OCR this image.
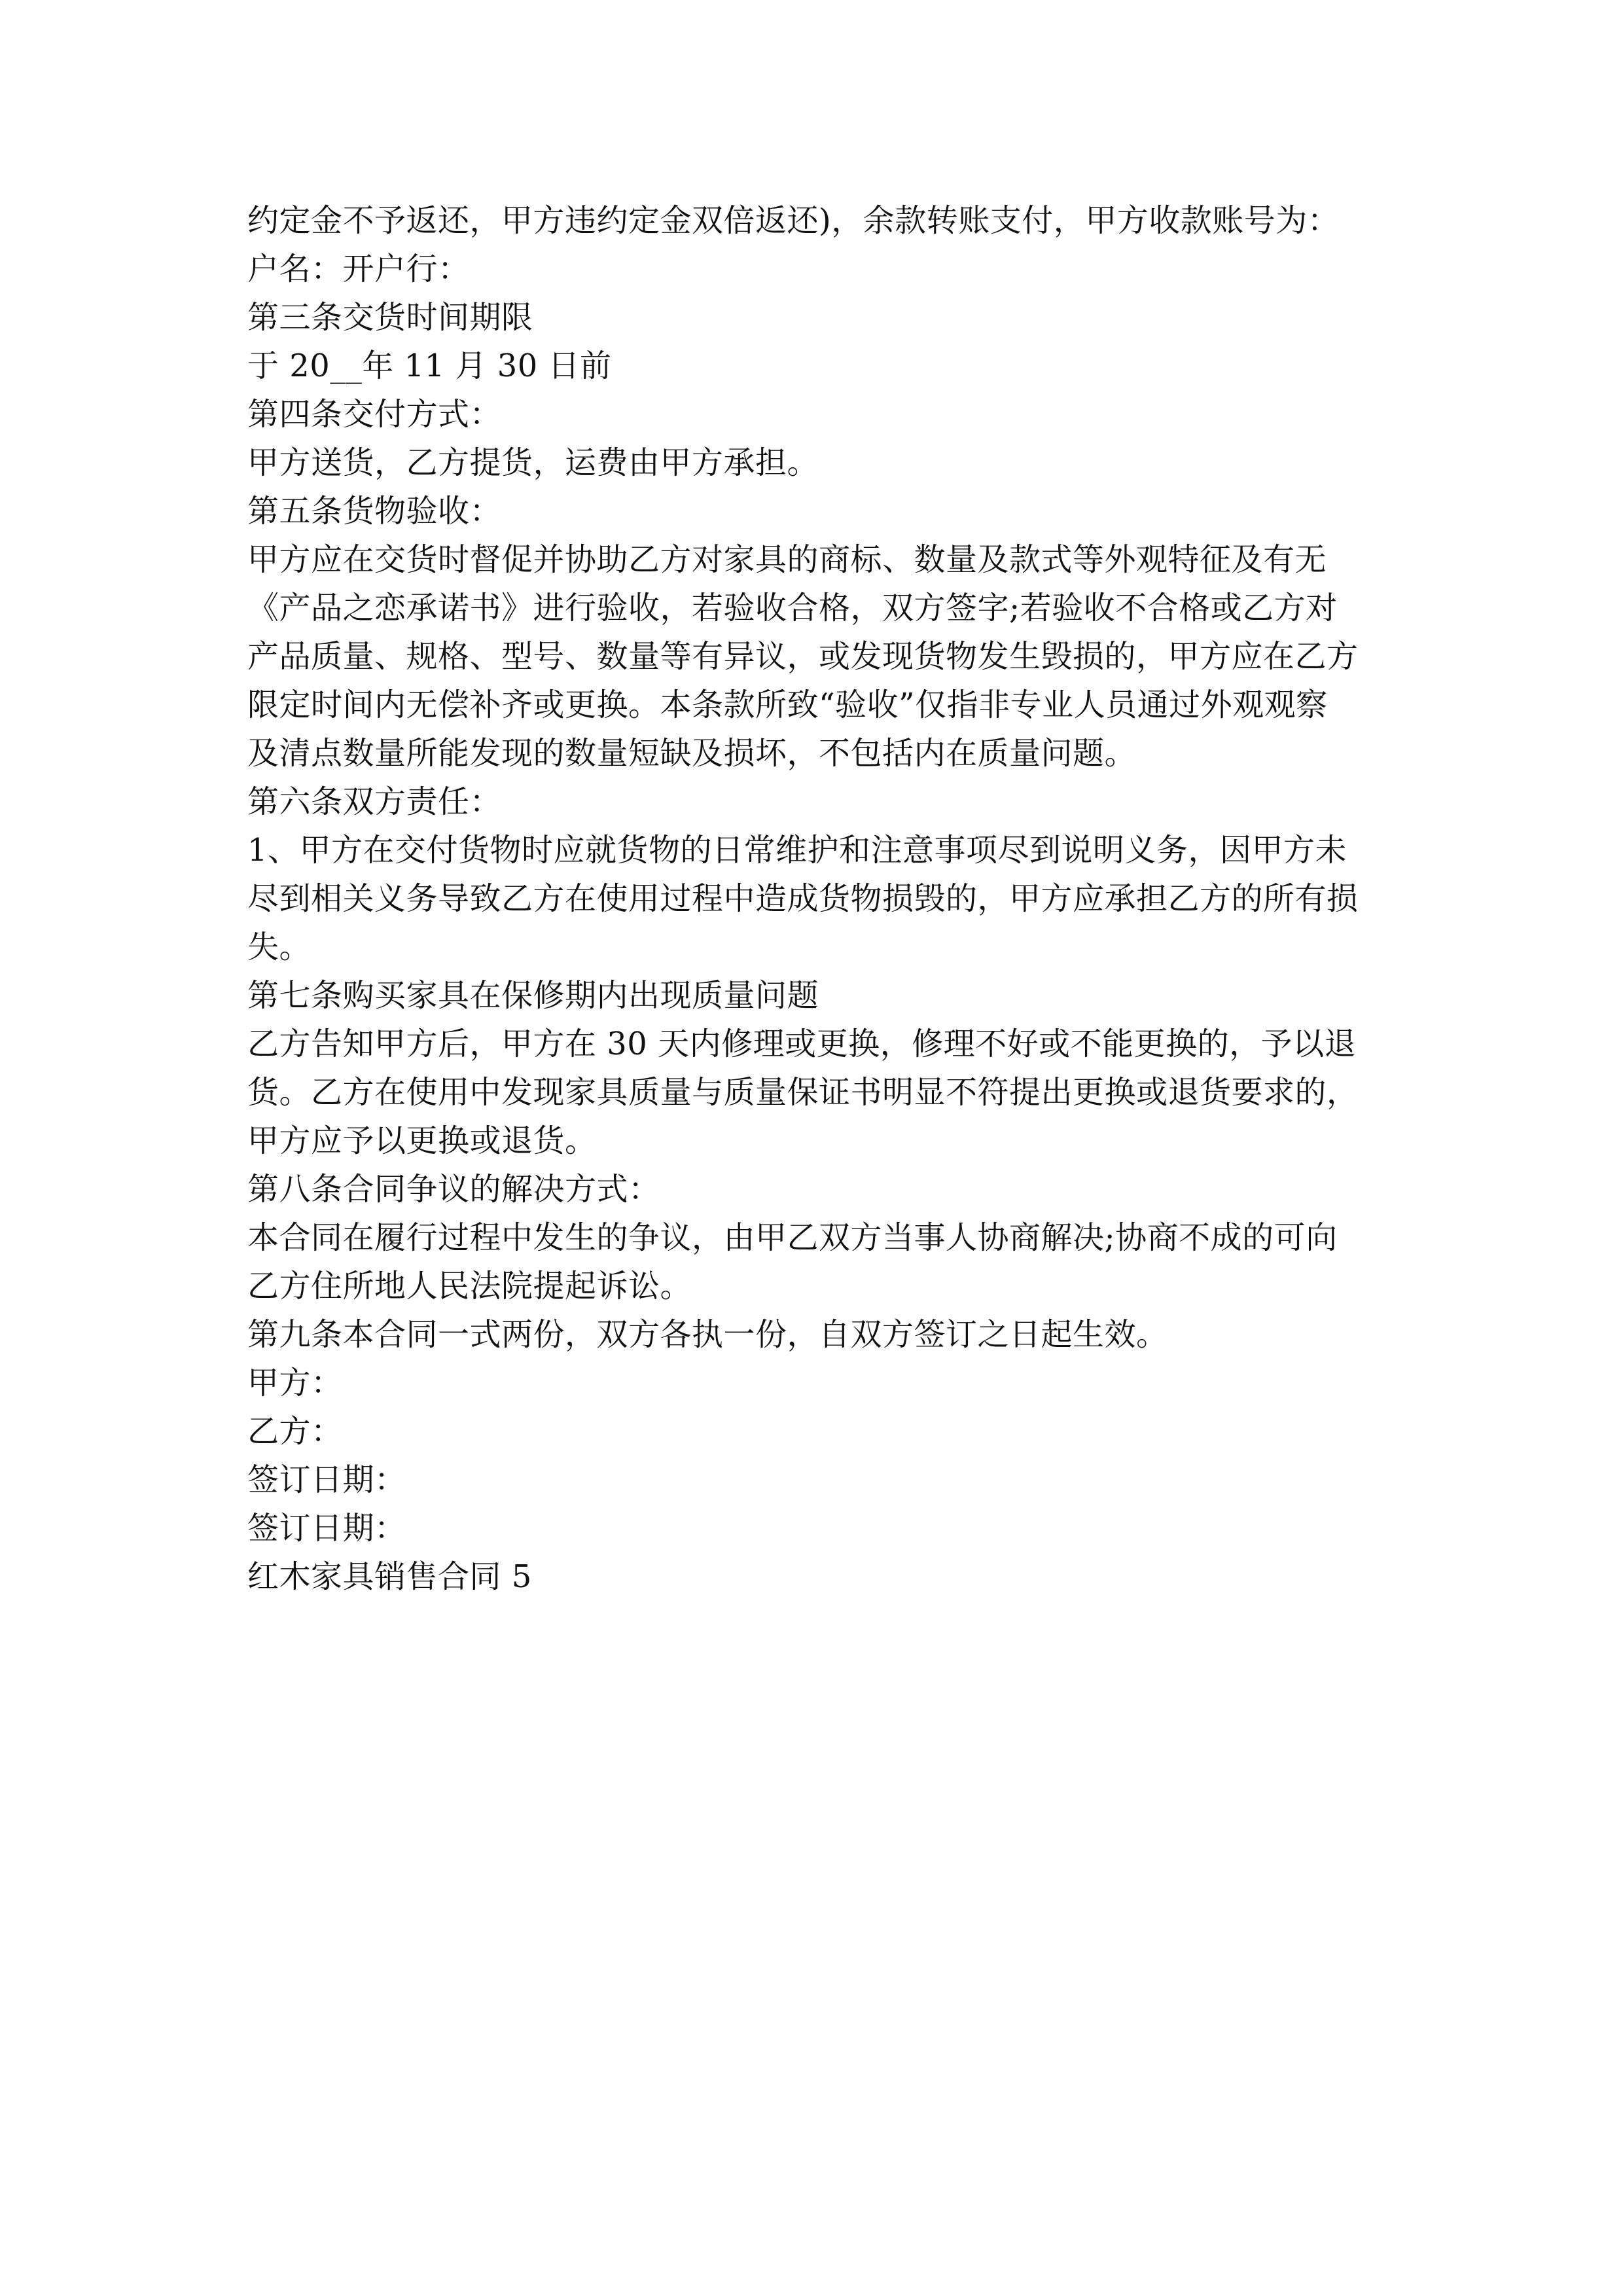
约定金不予返还，甲方违约定金双倍返还)，余款转账支付，甲方收款账号为：

户名：开户行：

第三条交货时间期限

于 20__年 11 月 30 日前

第四条交付方式：

甲方送货，乙方提货，运费由甲方承担。

第五条货物验收：

甲方应在交货时督促并协助乙方对家具的商标、数量及款式等外观特征及有无

《产品之恋承诺书》进行验收，若验收合格，双方签字;若验收不合格或乙方对

产品质量、规格、型号、数量等有异议，或发现货物发生毁损的，甲方应在乙方

限定时间内无偿补齐或更换。本条款所致“验收”仅指非专业人员通过外观观察

及清点数量所能发现的数量短缺及损坏，不包括内在质量问题。

第六条双方责任：

1、甲方在交付货物时应就货物的日常维护和注意事项尽到说明义务，因甲方未

尽到相关义务导致乙方在使用过程中造成货物损毁的，甲方应承担乙方的所有损

失。

第七条购买家具在保修期内出现质量问题

乙方告知甲方后，甲方在 30 天内修理或更换，修理不好或不能更换的，予以退

货。乙方在使用中发现家具质量与质量保证书明显不符提出更换或退货要求的，

甲方应予以更换或退货。

第八条合同争议的解决方式：

本合同在履行过程中发生的争议，由甲乙双方当事人协商解决;协商不成的可向

乙方住所地人民法院提起诉讼。

第九条本合同一式两份，双方各执一份，自双方签订之日起生效。

甲方：

乙方：

签订日期：

签订日期：

红木家具销售合同 5
